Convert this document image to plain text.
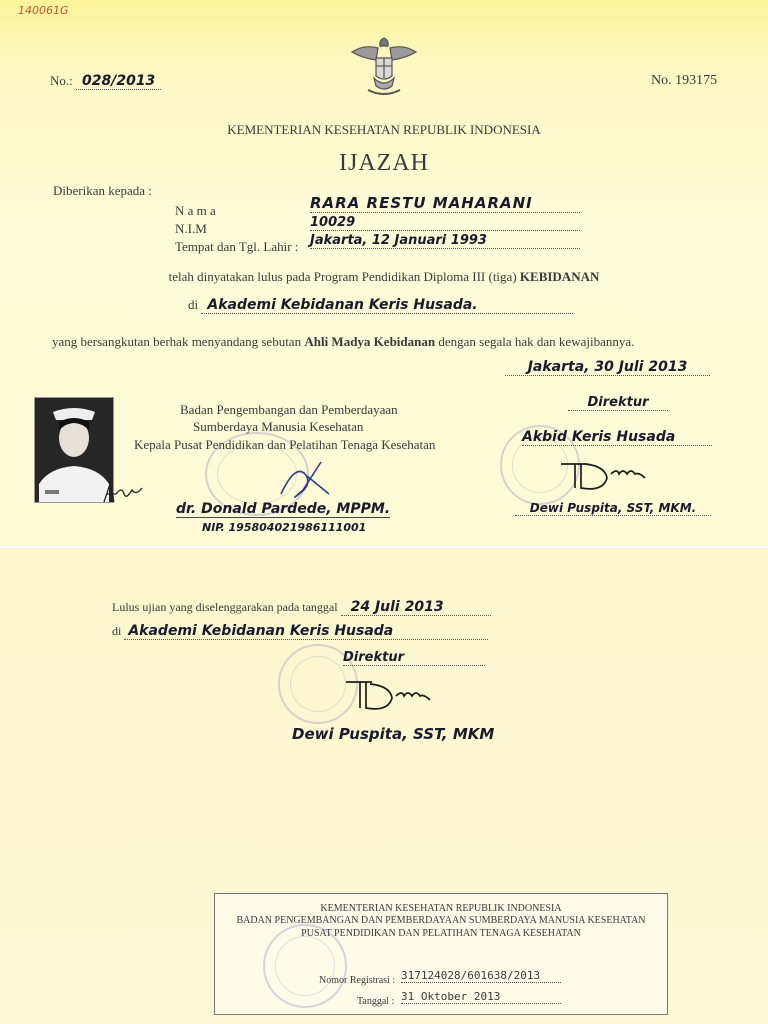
140061G
No.: 028/2013	No. 193175
KEMENTERIAN KESEHATAN REPUBLIK INDONESIA
IJAZAH
Diberikan kepada :
N a m a	RARA RESTU MAHARANI
N.I.M	10029
Tempat dan Tgl. Lahir : Jakarta, 12 Januari 1993
telah dinyatakan lulus pada Program Pendidikan Diploma III (tiga) KEBIDANAN
di Akademi Kebidanan Keris Husada.
yang bersangkutan berhak menyandang sebutan Ahli Madya Kebidanan dengan segala hak dan kewajibannya.
Jakarta, 30 Juli 2013
Badan Pengembangan dan Pemberdayaan
Sumberdaya Manusia Kesehatan
Kepala Pusat Pendidikan dan Pelatihan Tenaga Kesehatan
dr. Donald Pardede, MPPM.
NIP. 195804021986111001
Direktur
Akbid Keris Husada
Dewi Puspita, SST, MKM.
Lulus ujian yang diselenggarakan pada tanggal 24 Juli 2013
di Akademi Kebidanan Keris Husada
Direktur
Dewi Puspita, SST, MKM
KEMENTERIAN KESEHATAN REPUBLIK INDONESIA
BADAN PENGEMBANGAN DAN PEMBERDAYAAN SUMBERDAYA MANUSIA KESEHATAN
PUSAT PENDIDIKAN DAN PELATIHAN TENAGA KESEHATAN
Nomor Registrasi : 317124028/601638/2013
Tanggal : 31 Oktober 2013
